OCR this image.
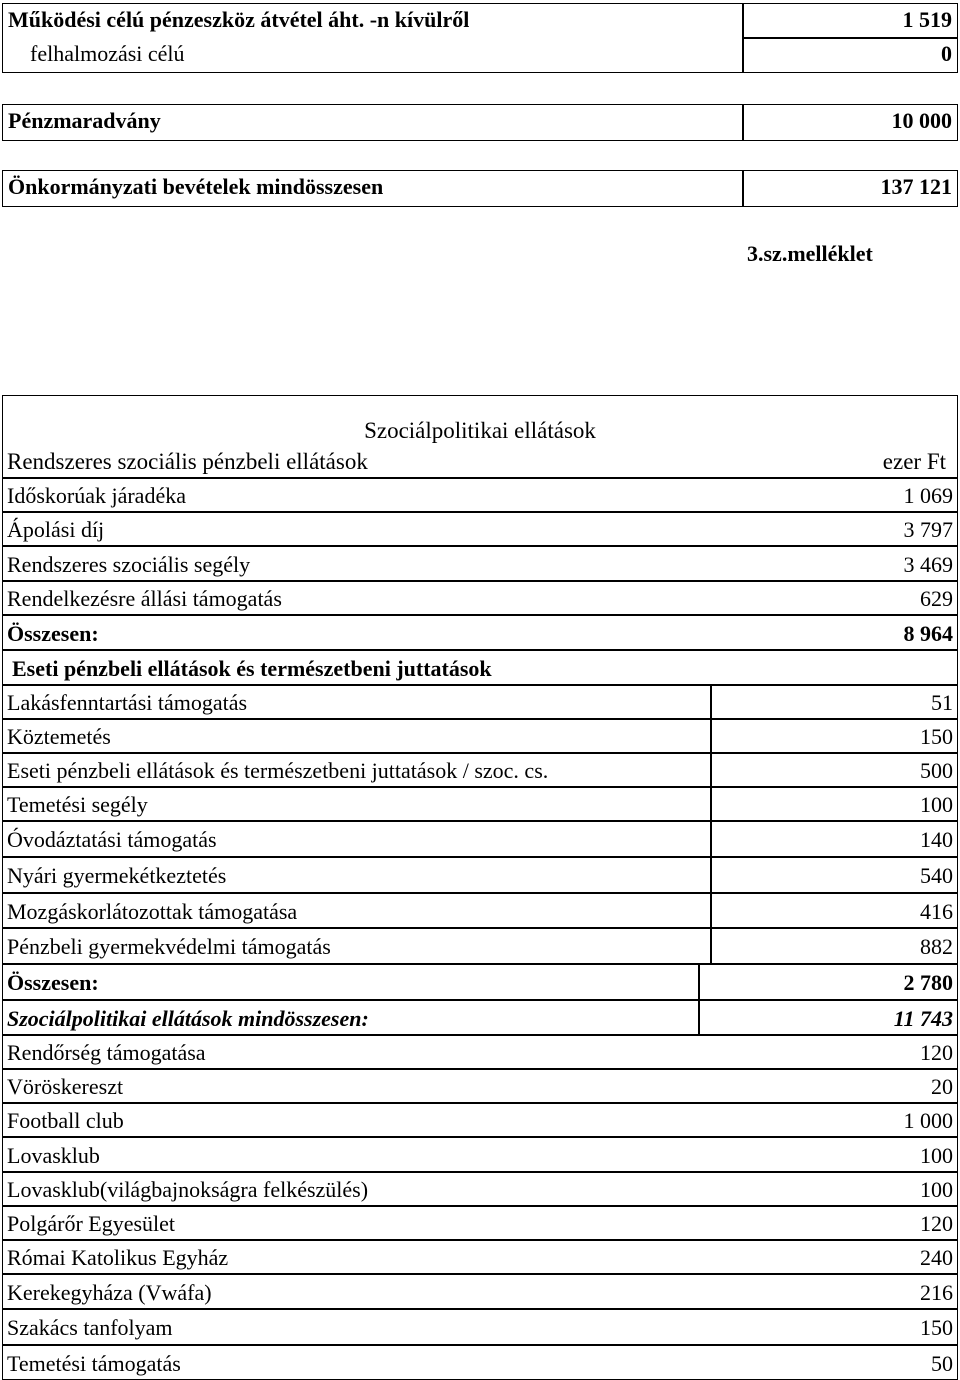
Működési célú pénzeszköz átvétel áht. -n kívülről	1 519
felhalmozási célú	0
Pénzmaradvány	10 000
Önkormányzati bevételek mindösszesen	137 121
3.sz.melléklet
Szociálpolitikai ellátások
Rendszeres szociális pénzbeli ellátások	ezer Ft
Időskorúak járadéka	1 069
Ápolási díj	3 797
Rendszeres szociális segély	3 469
Rendelkezésre állási támogatás	629
Összesen:	8 964
Eseti pénzbeli ellátások és természetbeni juttatások
Lakásfenntartási támogatás	51
Köztemetés	150
Eseti pénzbeli ellátások és természetbeni juttatások / szoc. cs.	500
Temetési segély	100
Óvodáztatási támogatás	140
Nyári gyermekétkeztetés	540
Mozgáskorlátozottak támogatása	416
Pénzbeli gyermekvédelmi támogatás	882
Összesen:	2 780
Szociálpolitikai ellátások mindösszesen:	11 743
Rendőrség támogatása	120
Vöröskereszt	20
Football club	1 000
Lovasklub	100
Lovasklub(világbajnokságra felkészülés)	100
Polgárőr Egyesület	120
Római Katolikus Egyház	240
Kerekegyháza (Vwáfa)	216
Szakács tanfolyam	150
Temetési támogatás	50
